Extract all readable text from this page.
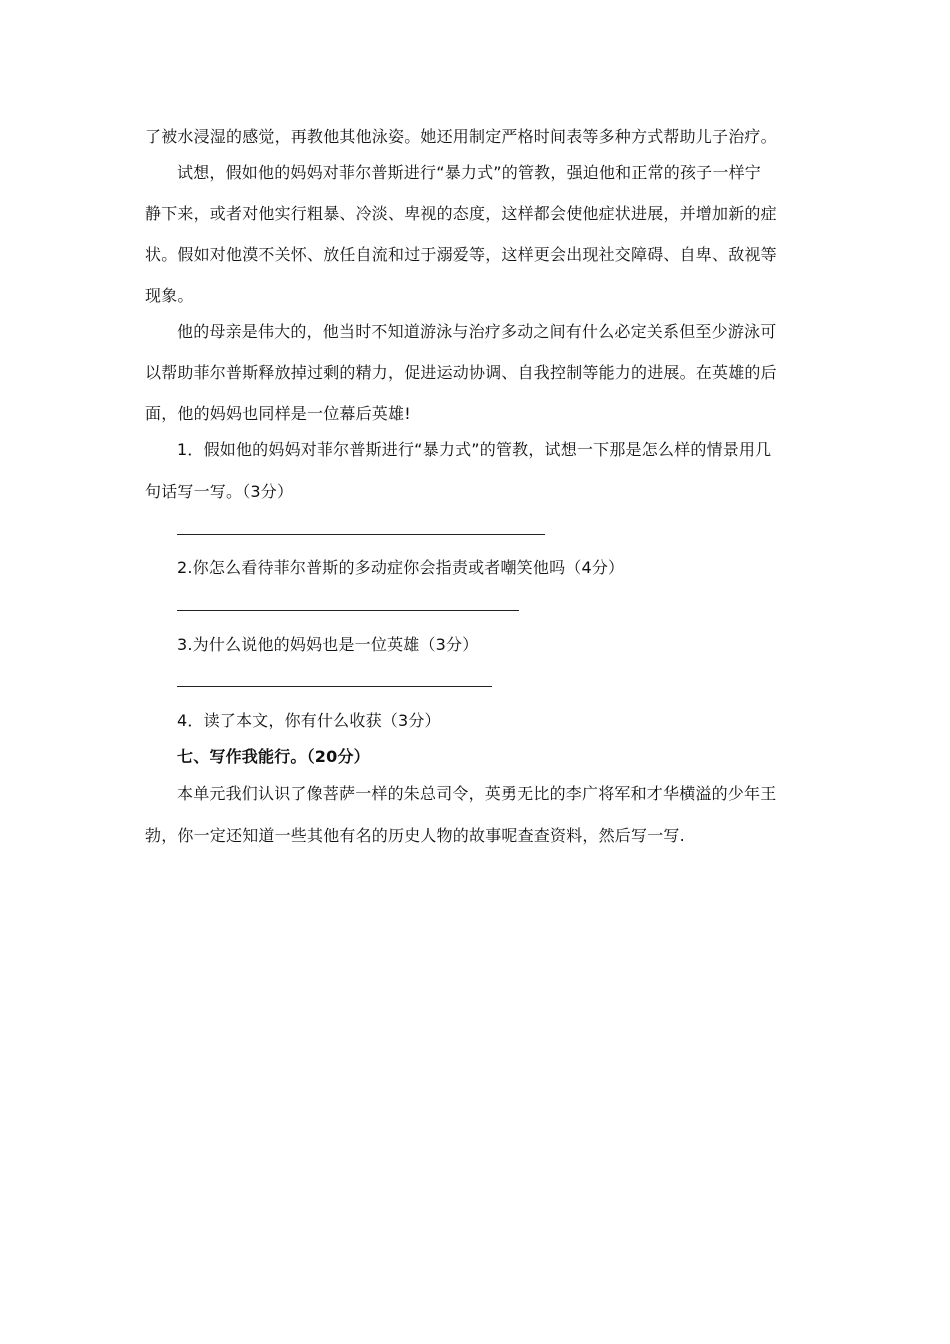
了被水浸湿的感觉，再教他其他泳姿。她还用制定严格时间表等多种方式帮助儿子治疗。
试想，假如他的妈妈对菲尔普斯进行“暴力式”的管教，强迫他和正常的孩子一样宁
静下来，或者对他实行粗暴、冷淡、卑视的态度，这样都会使他症状进展，并增加新的症
状。假如对他漠不关怀、放任自流和过于溺爱等，这样更会出现社交障碍、自卑、敌视等
现象。
他的母亲是伟大的，他当时不知道游泳与治疗多动之间有什么必定关系但至少游泳可
以帮助菲尔普斯释放掉过剩的精力，促进运动协调、自我控制等能力的进展。在英雄的后
面，他的妈妈也同样是一位幕后英雄!
1．假如他的妈妈对菲尔普斯进行“暴力式”的管教，试想一下那是怎么样的情景用几
句话写一写。（3分）
2.你怎么看待菲尔普斯的多动症你会指责或者嘲笑他吗（4分）
3.为什么说他的妈妈也是一位英雄（3分）
4．读了本文，你有什么收获（3分）
七、写作我能行。（20分）
本单元我们认识了像菩萨一样的朱总司令，英勇无比的李广将军和才华横溢的少年王
勃，你一定还知道一些其他有名的历史人物的故事呢查查资料，然后写一写.
